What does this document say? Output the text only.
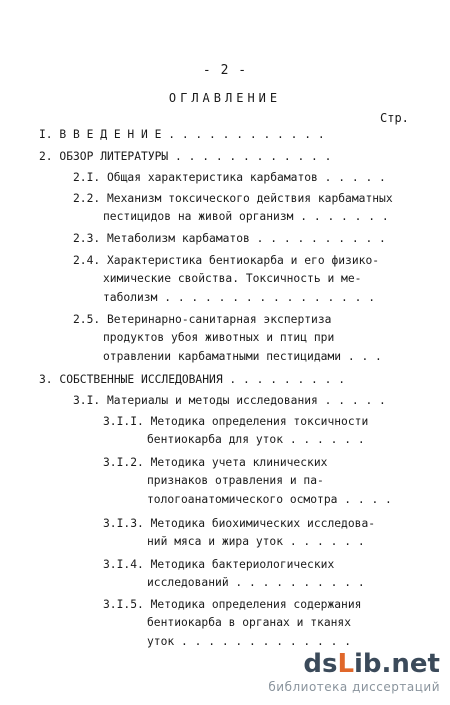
- 2 -
ОГЛАВЛЕНИЕ
Стр.
I. В В Е Д Е Н И Е . . . . . . . . . . . .
2. ОБЗОР ЛИТЕРАТУРЫ . . . . . . . . . . . .
2.I. Общая характеристика карбаматов . . . . .
2.2. Механизм токсического действия карбаматных
пестицидов на живой организм . . . . . . .
2.3. Метаболизм карбаматов . . . . . . . . . .
2.4. Характеристика бентиокарба и его физико-
химические свойства. Токсичность и ме-
таболизм . . . . . . . . . . . . . . . .
2.5. Ветеринарно-санитарная экспертиза
продуктов убоя животных и птиц при
отравлении карбаматными пестицидами . . .
3. СОБСТВЕННЫЕ ИССЛЕДОВАНИЯ . . . . . . . . .
3.I. Материалы и методы исследования . . . . .
3.I.I. Методика определения токсичности
бентиокарба для уток . . . . . .
3.I.2. Методика учета клинических
признаков отравления и па-
тологоанатомического осмотра . . . .
3.I.3. Методика биохимических исследова-
ний мяса и жира уток . . . . . .
3.I.4. Методика бактериологических
исследований . . . . . . . . . .
3.I.5. Методика определения содержания
бентиокарба в органах и тканях
уток . . . . . . . . . . . . .
dsLib.net
библиотека диссертаций
